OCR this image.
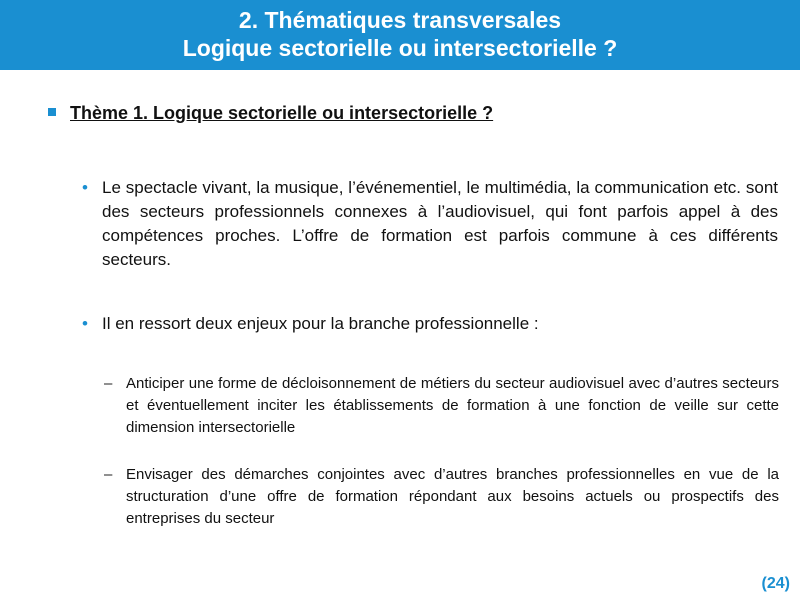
2. Thématiques transversales
Logique sectorielle ou intersectorielle ?
Thème 1. Logique sectorielle ou intersectorielle ?
• Le spectacle vivant, la musique, l’événementiel, le multimédia, la communication etc. sont des secteurs professionnels connexes à l’audiovisuel, qui font parfois appel à des compétences proches. L’offre de formation est parfois commune à ces différents secteurs.
• Il en ressort deux enjeux pour la branche professionnelle :
– Anticiper une forme de décloisonnement de métiers du secteur audiovisuel avec d’autres secteurs et éventuellement inciter les établissements de formation à une fonction de veille sur cette dimension intersectorielle
– Envisager des démarches conjointes avec d’autres branches professionnelles en vue de la structuration d’une offre de formation répondant aux besoins actuels ou prospectifs des entreprises du secteur
(24)
